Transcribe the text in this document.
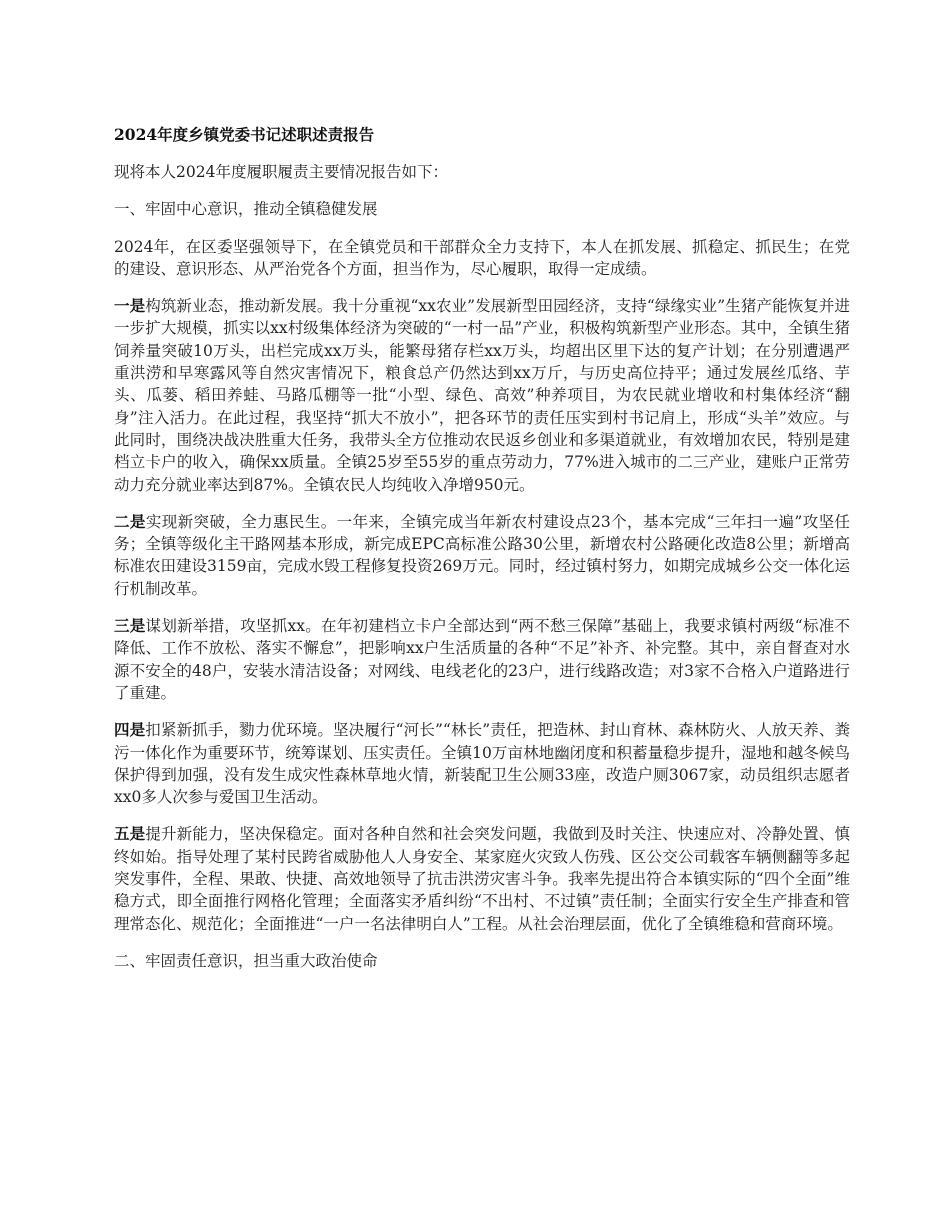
2024年度乡镇党委书记述职述责报告

现将本人2024年度履职履责主要情况报告如下：

一、牢固中心意识，推动全镇稳健发展

2024年，在区委坚强领导下，在全镇党员和干部群众全力支持下，本人在抓发展、抓稳定、抓民生；在党的建设、意识形态、从严治党各个方面，担当作为，尽心履职，取得一定成绩。

一是构筑新业态，推动新发展。我十分重视“xx农业”发展新型田园经济，支持“绿缘实业”生猪产能恢复并进一步扩大规模，抓实以xx村级集体经济为突破的“一村一品”产业，积极构筑新型产业形态。其中，全镇生猪饲养量突破10万头，出栏完成xx万头，能繁母猪存栏xx万头，均超出区里下达的复产计划；在分别遭遇严重洪涝和早寒露风等自然灾害情况下，粮食总产仍然达到xx万斤，与历史高位持平；通过发展丝瓜络、芋头、瓜蒌、稻田养蛙、马路瓜棚等一批“小型、绿色、高效”种养项目，为农民就业增收和村集体经济“翻身”注入活力。在此过程，我坚持“抓大不放小”，把各环节的责任压实到村书记肩上，形成“头羊”效应。与此同时，围绕决战决胜重大任务，我带头全方位推动农民返乡创业和多渠道就业，有效增加农民，特别是建档立卡户的收入，确保xx质量。全镇25岁至55岁的重点劳动力，77%进入城市的二三产业，建账户正常劳动力充分就业率达到87%。全镇农民人均纯收入净增950元。

二是实现新突破，全力惠民生。一年来，全镇完成当年新农村建设点23个，基本完成“三年扫一遍”攻坚任务；全镇等级化主干路网基本形成，新完成EPC高标准公路30公里，新增农村公路硬化改造8公里；新增高标准农田建设3159亩，完成水毁工程修复投资269万元。同时，经过镇村努力，如期完成城乡公交一体化运行机制改革。

三是谋划新举措，攻坚抓xx。在年初建档立卡户全部达到“两不愁三保障”基础上，我要求镇村两级“标准不降低、工作不放松、落实不懈怠”，把影响xx户生活质量的各种“不足”补齐、补完整。其中，亲自督查对水源不安全的48户，安装水清洁设备；对网线、电线老化的23户，进行线路改造；对3家不合格入户道路进行了重建。

四是扣紧新抓手，勠力优环境。坚决履行“河长”“林长”责任，把造林、封山育林、森林防火、人放天养、粪污一体化作为重要环节，统筹谋划、压实责任。全镇10万亩林地幽闭度和积蓄量稳步提升，湿地和越冬候鸟保护得到加强，没有发生成灾性森林草地火情，新装配卫生公厕33座，改造户厕3067家，动员组织志愿者xx0多人次参与爱国卫生活动。

五是提升新能力，坚决保稳定。面对各种自然和社会突发问题，我做到及时关注、快速应对、冷静处置、慎终如始。指导处理了某村民跨省威胁他人人身安全、某家庭火灾致人伤残、区公交公司载客车辆侧翻等多起突发事件，全程、果敢、快捷、高效地领导了抗击洪涝灾害斗争。我率先提出符合本镇实际的“四个全面”维稳方式，即全面推行网格化管理；全面落实矛盾纠纷“不出村、不过镇”责任制；全面实行安全生产排查和管理常态化、规范化；全面推进“一户一名法律明白人”工程。从社会治理层面，优化了全镇维稳和营商环境。

二、牢固责任意识，担当重大政治使命
